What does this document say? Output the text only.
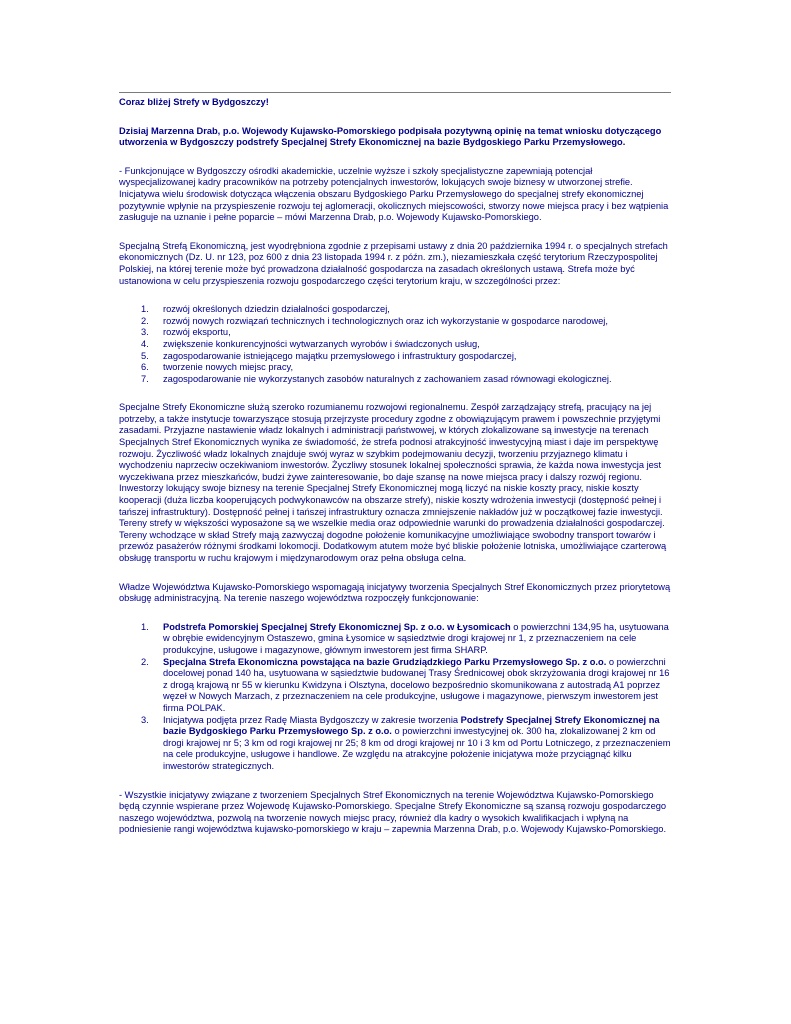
Coraz bliżej Strefy w Bydgoszczy!

Dzisiaj Marzenna Drab, p.o. Wojewody Kujawsko-Pomorskiego podpisała pozytywną opinię na temat wniosku dotyczącego utworzenia w Bydgoszczy podstrefy Specjalnej Strefy Ekonomicznej na bazie Bydgoskiego Parku Przemysłowego.

- Funkcjonujące w Bydgoszczy ośrodki akademickie, uczelnie wyższe i szkoły specjalistyczne zapewniają potencjał wyspecjalizowanej kadry pracowników na potrzeby potencjalnych inwestorów, lokujących swoje biznesy w utworzonej strefie. Inicjatywa wielu środowisk dotycząca włączenia obszaru Bydgoskiego Parku Przemysłowego do specjalnej strefy ekonomicznej pozytywnie wpłynie na przyspieszenie rozwoju tej aglomeracji, okolicznych miejscowości, stworzy nowe miejsca pracy i bez wątpienia zasługuje na uznanie i pełne poparcie – mówi Marzenna Drab, p.o. Wojewody Kujawsko-Pomorskiego.

Specjalną Strefą Ekonomiczną, jest wyodrębniona zgodnie z przepisami ustawy z dnia 20 października 1994 r. o specjalnych strefach ekonomicznych (Dz. U. nr 123, poz 600 z dnia 23 listopada 1994 r. z późn. zm.), niezamieszkała część terytorium Rzeczypospolitej Polskiej, na której terenie może być prowadzona działalność gospodarcza na zasadach określonych ustawą. Strefa może być ustanowiona w celu przyspieszenia rozwoju gospodarczego części terytorium kraju, w szczególności przez:

1. rozwój określonych dziedzin działalności gospodarczej,
2. rozwój nowych rozwiązań technicznych i technologicznych oraz ich wykorzystanie w gospodarce narodowej,
3. rozwój eksportu,
4. zwiększenie konkurencyjności wytwarzanych wyrobów i świadczonych usług,
5. zagospodarowanie istniejącego majątku przemysłowego i infrastruktury gospodarczej,
6. tworzenie nowych miejsc pracy,
7. zagospodarowanie nie wykorzystanych zasobów naturalnych z zachowaniem zasad równowagi ekologicznej.

Specjalne Strefy Ekonomiczne służą szeroko rozumianemu rozwojowi regionalnemu. Zespół zarządzający strefą, pracujący na jej potrzeby, a także instytucje towarzyszące stosują przejrzyste procedury zgodne z obowiązującym prawem i powszechnie przyjętymi zasadami. Przyjazne nastawienie władz lokalnych i administracji państwowej, w których zlokalizowane są inwestycje na terenach Specjalnych Stref Ekonomicznych wynika ze świadomość, że strefa podnosi atrakcyjność inwestycyjną miast i daje im perspektywę rozwoju. Życzliwość władz lokalnych znajduje swój wyraz w szybkim podejmowaniu decyzji, tworzeniu przyjaznego klimatu i wychodzeniu naprzeciw oczekiwaniom inwestorów. Życzliwy stosunek lokalnej społeczności sprawia, że każda nowa inwestycja jest wyczekiwana przez mieszkańców, budzi żywe zainteresowanie, bo daje szansę na nowe miejsca pracy i dalszy rozwój regionu. Inwestorzy lokujący swoje biznesy na terenie Specjalnej Strefy Ekonomicznej mogą liczyć na niskie koszty pracy, niskie koszty kooperacji (duża liczba kooperujących podwykonawców na obszarze strefy), niskie koszty wdrożenia inwestycji (dostępność pełnej i tańszej infrastruktury). Dostępność pełnej i tańszej infrastruktury oznacza zmniejszenie nakładów już w początkowej fazie inwestycji. Tereny strefy w większości wyposażone są we wszelkie media oraz odpowiednie warunki do prowadzenia działalności gospodarczej. Tereny wchodzące w skład Strefy mają zazwyczaj dogodne położenie komunikacyjne umożliwiające swobodny transport towarów i przewóz pasażerów różnymi środkami lokomocji. Dodatkowym atutem może być bliskie położenie lotniska, umożliwiające czarterową obsługę transportu w ruchu krajowym i międzynarodowym oraz pełna obsługa celna.

Władze Województwa Kujawsko-Pomorskiego wspomagają inicjatywy tworzenia Specjalnych Stref Ekonomicznych przez priorytetową obsługę administracyjną. Na terenie naszego województwa rozpoczęły funkcjonowanie:

1. Podstrefa Pomorskiej Specjalnej Strefy Ekonomicznej Sp. z o.o. w Łysomicach o powierzchni 134,95 ha, usytuowana w obrębie ewidencyjnym Ostaszewo, gmina Łysomice w sąsiedztwie drogi krajowej nr 1, z przeznaczeniem na cele produkcyjne, usługowe i magazynowe, głównym inwestorem jest firma SHARP.
2. Specjalna Strefa Ekonomiczna powstająca na bazie Grudziądzkiego Parku Przemysłowego Sp. z o.o. o powierzchni docelowej ponad 140 ha, usytuowana w sąsiedztwie budowanej Trasy Średnicowej obok skrzyżowania drogi krajowej nr 16 z drogą krajową nr 55 w kierunku Kwidzyna i Olsztyna, docelowo bezpośrednio skomunikowana z autostradą A1 poprzez węzeł w Nowych Marzach, z przeznaczeniem na cele produkcyjne, usługowe i magazynowe, pierwszym inwestorem jest firma POLPAK.
3. Inicjatywa podjęta przez Radę Miasta Bydgoszczy w zakresie tworzenia Podstrefy Specjalnej Strefy Ekonomicznej na bazie Bydgoskiego Parku Przemysłowego Sp. z o.o. o powierzchni inwestycyjnej ok. 300 ha, zlokalizowanej 2 km od drogi krajowej nr 5; 3 km od rogi krajowej nr 25; 8 km od drogi krajowej nr 10 i 3 km od Portu Lotniczego, z przeznaczeniem na cele produkcyjne, usługowe i handlowe. Ze względu na atrakcyjne położenie inicjatywa może przyciągnąć kilku inwestorów strategicznych.

- Wszystkie inicjatywy związane z tworzeniem Specjalnych Stref Ekonomicznych na terenie Województwa Kujawsko-Pomorskiego będą czynnie wspierane przez Wojewodę Kujawsko-Pomorskiego. Specjalne Strefy Ekonomiczne są szansą rozwoju gospodarczego naszego województwa, pozwolą na tworzenie nowych miejsc pracy, również dla kadry o wysokich kwalifikacjach i wpłyną na podniesienie rangi województwa kujawsko-pomorskiego w kraju – zapewnia Marzenna Drab, p.o. Wojewody Kujawsko-Pomorskiego.
